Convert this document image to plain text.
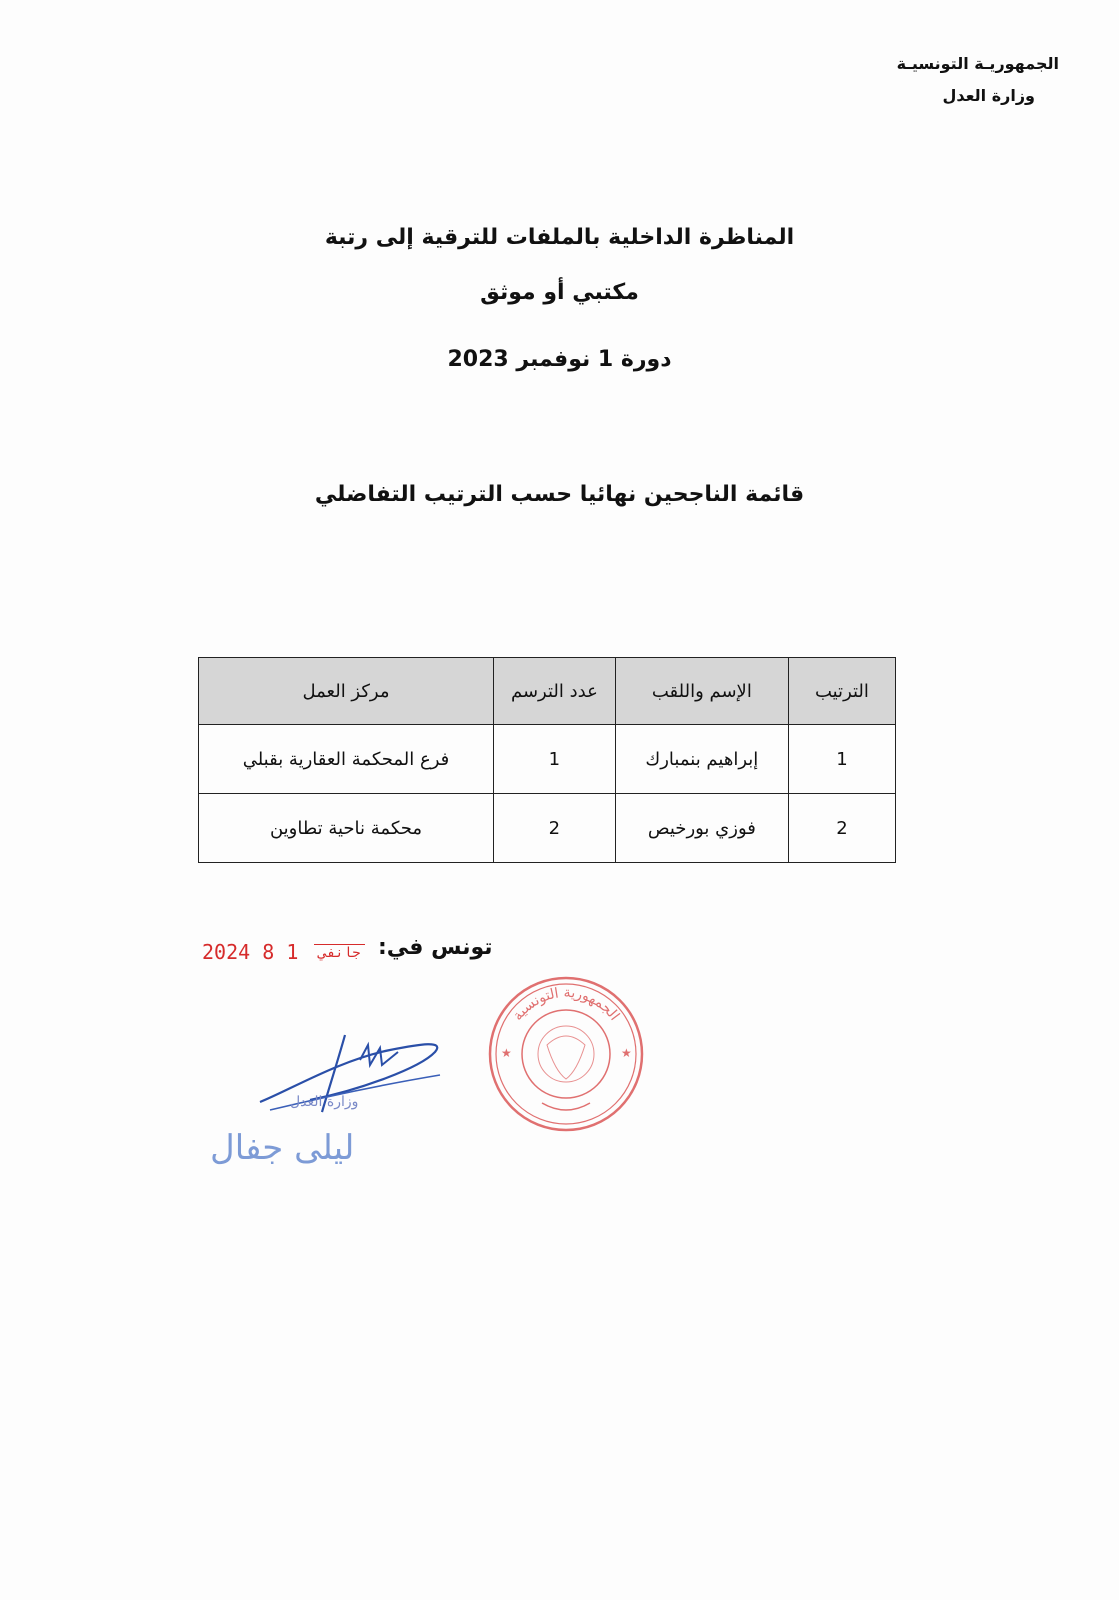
الجمهوريـة التونسيـة
وزارة العدل
المناظرة الداخلية بالملفات للترقية إلى رتبة
مكتبي أو موثق
دورة 1 نوفمبر 2023
قائمة الناجحين نهائيا حسب الترتيب التفاضلي
الترتيب	الإسم واللقب	عدد الترسم	مركز العمل
1	إبراهيم بنمبارك	1	فرع المحكمة العقارية بقبلي
2	فوزي بورخيص	2	محكمة ناحية تطاوين
تونس في:
2024	جانفي 1 8
الجمهورية التونسية
★	★
وزارة العدل
ليلى جفال
